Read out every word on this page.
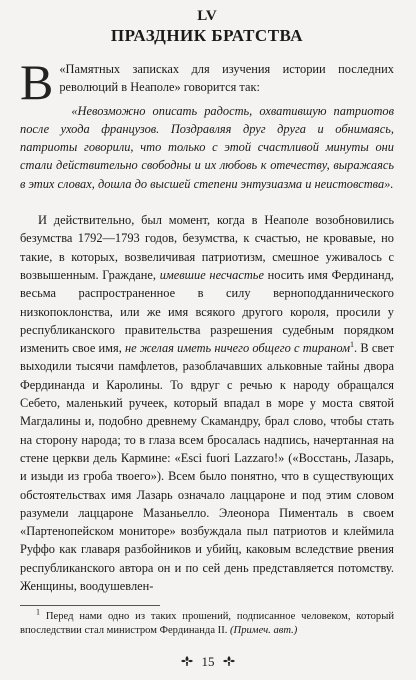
LV
ПРАЗДНИК БРАТСТВА

В «Памятных записках для изучения истории последних революций в Неаполе» говорится так:

«Невозможно описать радость, охватившую патриотов после ухода французов. Поздравляя друг друга и обнимаясь, патриоты говорили, что только с этой счастливой минуты они стали действительно свободны и их любовь к отечеству, выражаясь в этих словах, дошла до высшей степени энтузиазма и неистовства».

И действительно, был момент, когда в Неаполе возобновились безумства 1792—1793 годов, безумства, к счастью, не кровавые, но такие, в которых, возвеличивая патриотизм, смешное уживалось с возвышенным. Граждане, имевшие несчастье носить имя Фердинанд, весьма распространенное в силу верноподданнического низкопоклонства, или же имя всякого другого короля, просили у республиканского правительства разрешения судебным порядком изменить свое имя, не желая иметь ничего общего с тираном$^1$. В свет выходили тысячи памфлетов, разоблачавших альковные тайны двора Фердинанда и Каролины. То вдруг с речью к народу обращался Себето, маленький ручеек, который впадал в море у моста святой Магдалины и, подобно древнему Скамандру, брал слово, чтобы стать на сторону народа; то в глаза всем бросалась надпись, начертанная на стене церкви дель Кармине: «Esci fuori Lazzaro!» («Восстань, Лазарь, и изыди из гроба твоего»). Всем было понятно, что в существующих обстоятельствах имя Лазарь означало лаццароне и под этим словом разумели лаццароне Мазаньелло. Элеонора Пименталь в своем «Партенопейском мониторе» возбуждала пыл патриотов и клеймила Руффо как главаря разбойников и убийц, каковым вследствие рвения республиканского автора он и по сей день представляется потомству. Женщины, воодушевлен-

$^1$ Перед нами одно из таких прошений, подписанное человеком, который впоследствии стал министром Фердинанда II. (Примеч. авт.)

15
